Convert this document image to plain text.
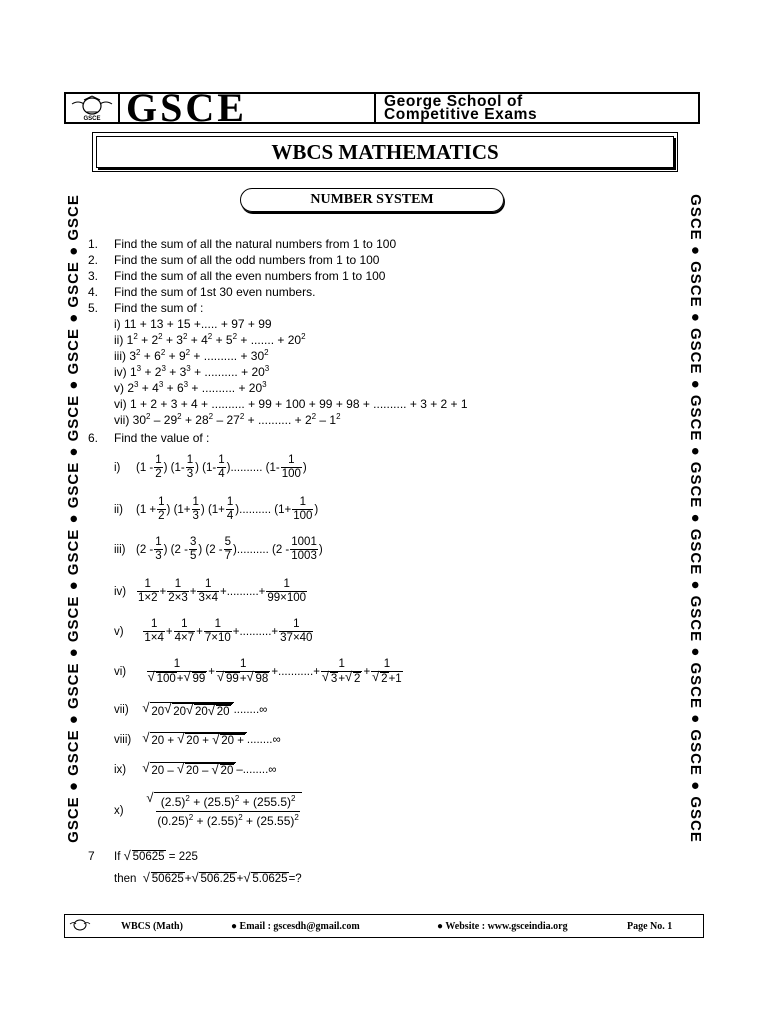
GSCE GSCE	George School of
Competitive Exams
GSCE ● GSCE ● GSCE ● GSCE ● GSCE ● GSCE ● GSCE ● GSCE ● GSCE ● GSCE	GSCE ● GSCE ● GSCE ● GSCE ● GSCE ● GSCE ● GSCE ● GSCE ● GSCE ● GSCE
WBCS MATHEMATICS
NUMBER SYSTEM
1. Find the sum of all the natural numbers from 1 to 100
2. Find the sum of all the odd numbers from 1 to 100
3. Find the sum of all the even numbers from 1 to 100
4. Find the sum of 1st 30 even numbers.
5. Find the sum of :
i) 11 + 13 + 15 +..... + 97 + 99
ii) $1^2 + 2^2 + 3^2 + 4^2 + 5^2$ + ....... + $20^2$
iii) $3^2 + 6^2 + 9^2$ + .......... + $30^2$
iv) $1^3 + 2^3 + 3^3$ + .......... + $20^3$
v) $2^3 + 4^3 + 6^3$ + .......... + $20^3$
vi) 1 + 2 + 3 + 4 + .......... + 99 + 100 + 99 + 98 + .......... + 3 + 2 + 1
vii) $30^2 - 29^2 + 28^2 - 27^2$ + .......... + $2^2 - 1^2$
6. Find the value of :
i)	(1 -
1
2
) (1-
1
3
) (1-
1
4
).......... (1-
1
100
)
ii)	(1 +
1
2
) (1+
1
3
) (1+
1
4
).......... (1+
1
100
)
iii) (2 -
1
3
) (2 -
3
5
) (2 -
5
7
).......... (2 -
1001
1003
)
iv)
1
1×2
+
1
2×3
+
1
3×4
+..........+
1
99×100
v)

1
1×4
+
1
4×7
+
1
7×10
+..........+
1
37×40
vi)

1
√ 100+ √ 99
+
1
√ 99+ √ 98
+...........+
1
√ 3+ √ 2
+
1
√ 2+1
vii)
	√ 20 √ 20 √ 20 √ 20 ........∞
viii)
	√ 20 + √ 20 + √ 20 + ........∞
ix)
	√ 20 – √ 20 – √ 20 –........∞
x)
	√ $\frac{(2.5)^2 + (25.5)^2 + (255.5)^2}{(0.25)^2 + (2.55)^2 + (25.55)^2}$
7 If
√ 50625
= 225
then
√ 50625 + √ 506.25 + √ 5.0625 =?
WBCS (Math)	● Email : gscesdh@gmail.com	● Website : www.gsceindia.org	Page No. 1
